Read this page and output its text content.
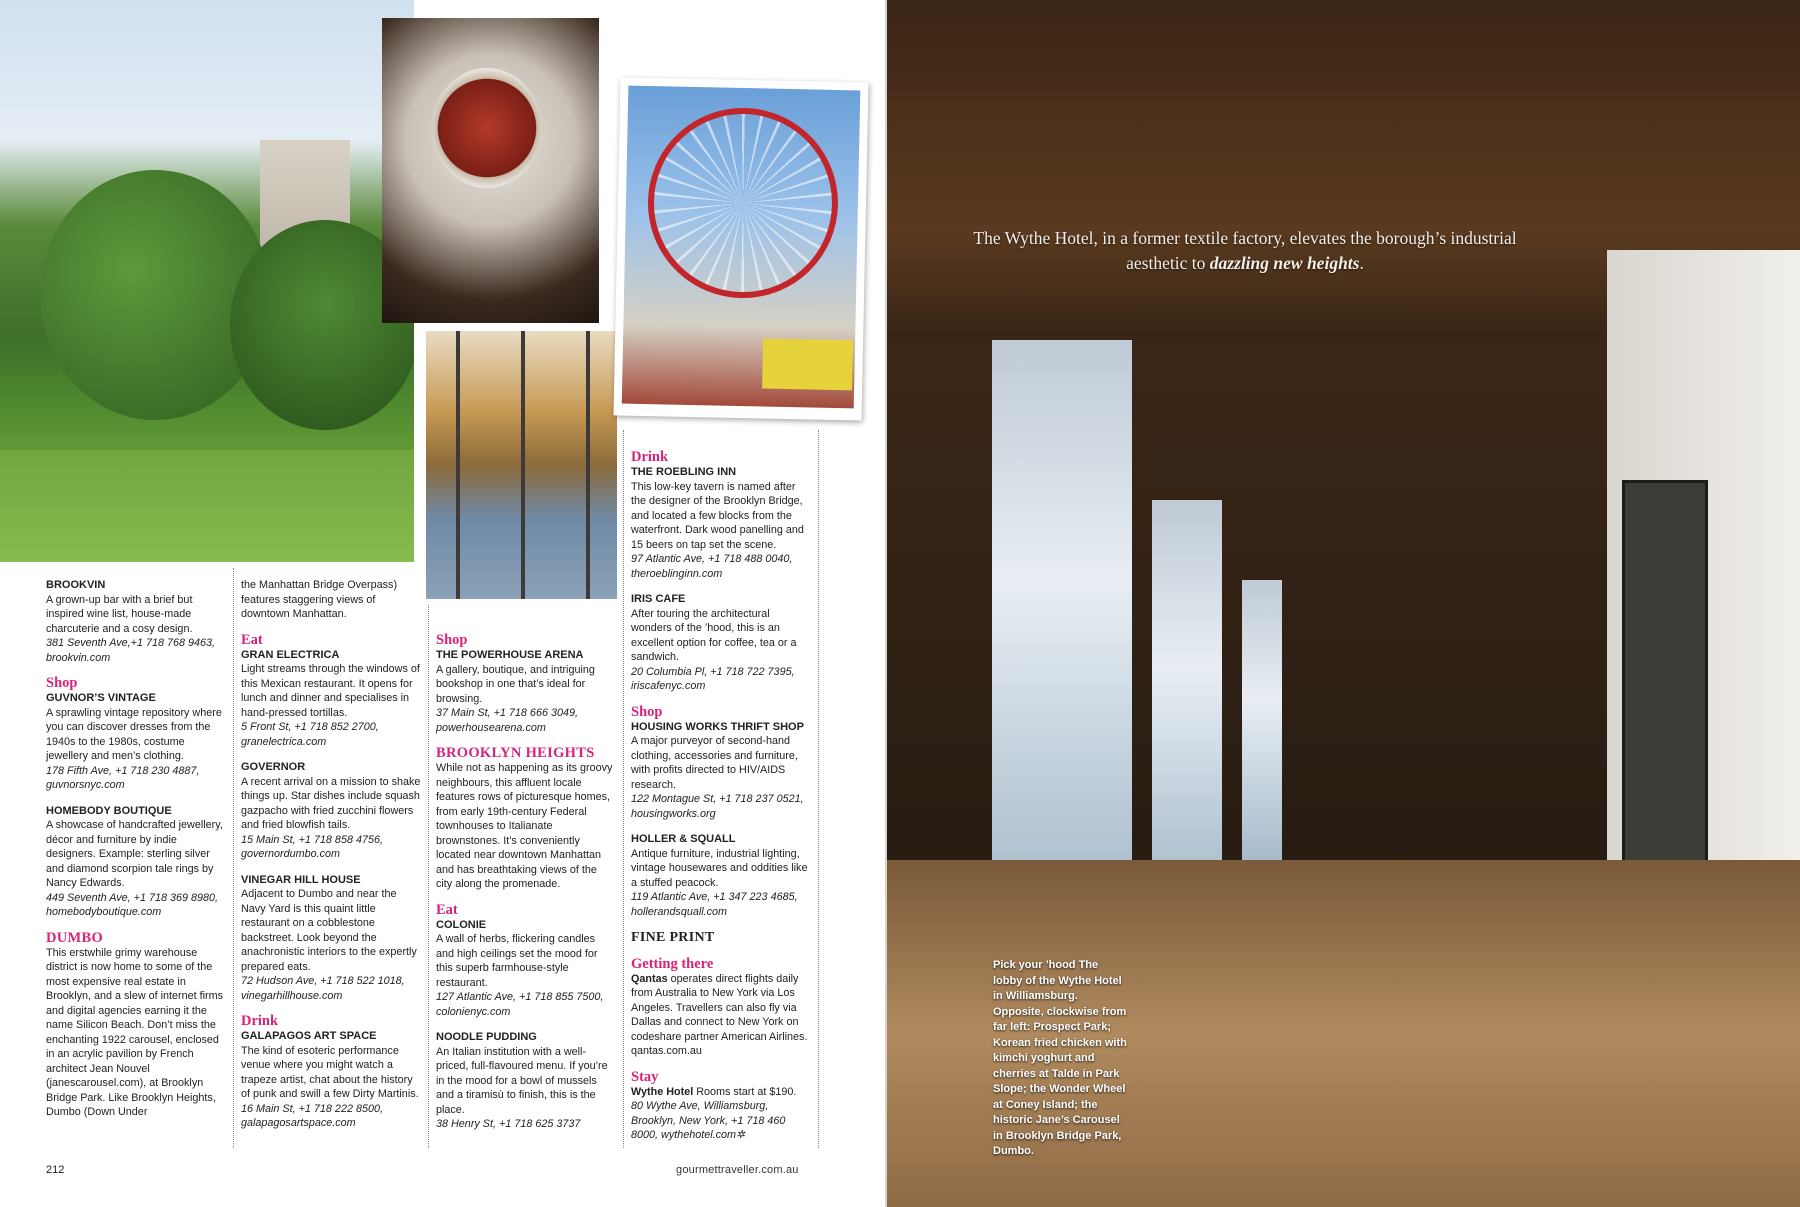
BROOKVIN
A grown-up bar with a brief but inspired wine list, house-made charcuterie and a cosy design.
381 Seventh Ave,+1 718 768 9463, brookvin.com
Shop
GUVNOR’S VINTAGE
A sprawling vintage repository where you can discover dresses from the 1940s to the 1980s, costume jewellery and men’s clothing.
178 Fifth Ave, +1 718 230 4887, guvnorsnyc.com
HOMEBODY BOUTIQUE
A showcase of handcrafted jewellery, décor and furniture by indie designers. Example: sterling silver and diamond scorpion tale rings by Nancy Edwards.
449 Seventh Ave, +1 718 369 8980, homebodyboutique.com
DUMBO
This erstwhile grimy warehouse district is now home to some of the most expensive real estate in Brooklyn, and a slew of internet firms and digital agencies earning it the name Silicon Beach. Don’t miss the enchanting 1922 carousel, enclosed in an acrylic pavilion by French architect Jean Nouvel (janescarousel.com), at Brooklyn Bridge Park. Like Brooklyn Heights, Dumbo (Down Under
the Manhattan Bridge Overpass) features staggering views of downtown Manhattan.
Eat
GRAN ELECTRICA
Light streams through the windows of this Mexican restaurant. It opens for lunch and dinner and specialises in hand-pressed tortillas.
5 Front St, +1 718 852 2700, granelectrica.com
GOVERNOR
A recent arrival on a mission to shake things up. Star dishes include squash gazpacho with fried zucchini flowers and fried blowfish tails.
15 Main St, +1 718 858 4756, governordumbo.com
VINEGAR HILL HOUSE
Adjacent to Dumbo and near the Navy Yard is this quaint little restaurant on a cobblestone backstreet. Look beyond the anachronistic interiors to the expertly prepared eats.
72 Hudson Ave, +1 718 522 1018, vinegarhillhouse.com
Drink
GALAPAGOS ART SPACE
The kind of esoteric performance venue where you might watch a trapeze artist, chat about the history of punk and swill a few Dirty Martinis.
16 Main St, +1 718 222 8500, galapagosartspace.com
Shop
THE POWERHOUSE ARENA
A gallery, boutique, and intriguing bookshop in one that’s ideal for browsing.
37 Main St, +1 718 666 3049, powerhousearena.com
BROOKLYN HEIGHTS
While not as happening as its groovy neighbours, this affluent locale features rows of picturesque homes, from early 19th-century Federal townhouses to Italianate brownstones. It’s conveniently located near downtown Manhattan and has breathtaking views of the city along the promenade.
Eat
COLONIE
A wall of herbs, flickering candles and high ceilings set the mood for this superb farmhouse-style restaurant.
127 Atlantic Ave, +1 718 855 7500, colonienyc.com
NOODLE PUDDING
An Italian institution with a well-priced, full-flavoured menu. If you’re in the mood for a bowl of mussels and a tiramisù to finish, this is the place.
38 Henry St, +1 718 625 3737
Drink
THE ROEBLING INN
This low-key tavern is named after the designer of the Brooklyn Bridge, and located a few blocks from the waterfront. Dark wood panelling and 15 beers on tap set the scene.
97 Atlantic Ave, +1 718 488 0040, theroeblinginn.com
IRIS CAFE
After touring the architectural wonders of the ’hood, this is an excellent option for coffee, tea or a sandwich.
20 Columbia Pl, +1 718 722 7395, iriscafenyc.com
Shop
HOUSING WORKS THRIFT SHOP
A major purveyor of second-hand clothing, accessories and furniture, with profits directed to HIV/AIDS research.
122 Montague St, +1 718 237 0521, housingworks.org
HOLLER & SQUALL
Antique furniture, industrial lighting, vintage housewares and oddities like a stuffed peacock.
119 Atlantic Ave, +1 347 223 4685, hollerandsquall.com
FINE PRINT
Getting there

Qantas operates direct flights daily from Australia to New York via Los Angeles. Travellers can also fly via Dallas and connect to New York on codeshare partner American Airlines. qantas.com.au

Stay

Wythe Hotel Rooms start at $190.

80 Wythe Ave, Williamsburg, Brooklyn, New York, +1 718 460 8000, wythehotel.com✲
212	gourmettraveller.com.au
The Wythe Hotel, in a former textile factory, elevates the borough’s industrial aesthetic to dazzling new heights.
Pick your ’hood The lobby of the Wythe Hotel in Williamsburg. Opposite, clockwise from far left: Prospect Park; Korean fried chicken with kimchi yoghurt and cherries at Talde in Park Slope; the Wonder Wheel at Coney Island; the historic Jane’s Carousel in Brooklyn Bridge Park, Dumbo.
